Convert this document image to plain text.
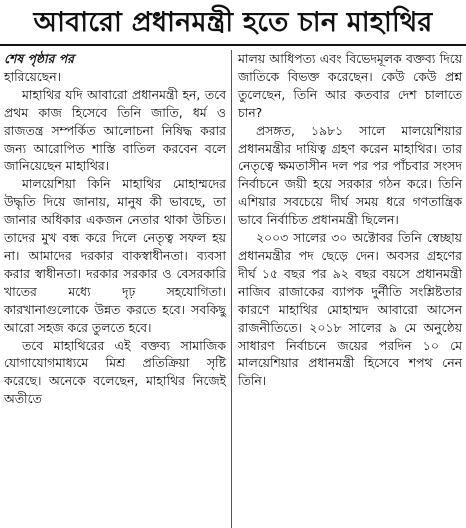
আবারো প্রধানমন্ত্রী হতে চান মাহাথির
শেষ পৃষ্ঠার পর

হারিয়েছেন।

মাহাথির যদি আবারো প্রধানমন্ত্রী হন, তবে প্রথম কাজ হিসেবে তিনি জাতি, ধর্ম ও রাজতন্ত্র সম্পর্কিত আলোচনা নিষিদ্ধ করার জন্য আরোপিত শাস্তি বাতিল করবেন বলে জানিয়েছেন মাহাথির।

মালয়েশিয়া কিনি মাহাথির মোহাম্মদের উদ্ধৃতি দিয়ে জানায়, মানুষ কী ভাবছে, তা জানার অধিকার একজন নেতার থাকা উচিত। তাদের মুখ বন্ধ করে দিলে নেতৃত্ব সফল হয় না। আমাদের দরকার বাকস্বাধীনতা। ব্যবসা করার স্বাধীনতা। দরকার সরকার ও বেসরকারি খাতের মধ্যে দৃঢ় সহযোগিতা। কারখানাগুলোকে উন্নত করতে হবে। সবকিছু আরো সহজ করে তুলতে হবে।

তবে মাহাথিরের এই বক্তব্য সামাজিক যোগাযোগমাধ্যমে মিশ্র প্রতিক্রিয়া সৃষ্টি করেছে। অনেকে বলেছেন, মাহাথির নিজেই অতীতে

মালয় আধিপত্য এবং বিভেদমূলক বক্তব্য দিয়ে জাতিকে বিভক্ত করেছেন। কেউ কেউ প্রশ্ন তুলেছেন, তিনি আর কতবার দেশ চালাতে চান?

প্রসঙ্গত, ১৯৮১ সালে মালয়েশিয়ার প্রধানমন্ত্রীর দায়িত্ব গ্রহণ করেন মাহাথির। তার নেতৃত্বে ক্ষমতাসীন দল পর পর পাঁচবার সংসদ নির্বাচনে জয়ী হয়ে সরকার গঠন করে। তিনি এশিয়ার সবচেয়ে দীর্ঘ সময় ধরে গণতান্ত্রিক ভাবে নির্বাচিত প্রধানমন্ত্রী ছিলেন।

২০০৩ সালের ৩০ অক্টোবর তিনি স্বেচ্ছায় প্রধানমন্ত্রীর পদ ছেড়ে দেন। অবসর গ্রহণের দীর্ঘ ১৫ বছর পর ৯২ বছর বয়সে প্রধানমন্ত্রী নাজিব রাজাকের ব্যাপক দুর্নীতি সংশ্লিষ্টতার কারণে মাহাথির মোহাম্মদ আবারো আসেন রাজনীতিতে। ২০১৮ সালের ৯ মে অনুষ্ঠেয় সাধারণ নির্বাচনে জয়ের পরদিন ১০ মে মালয়েশিয়ার প্রধানমন্ত্রী হিসেবে শপথ নেন তিনি।
